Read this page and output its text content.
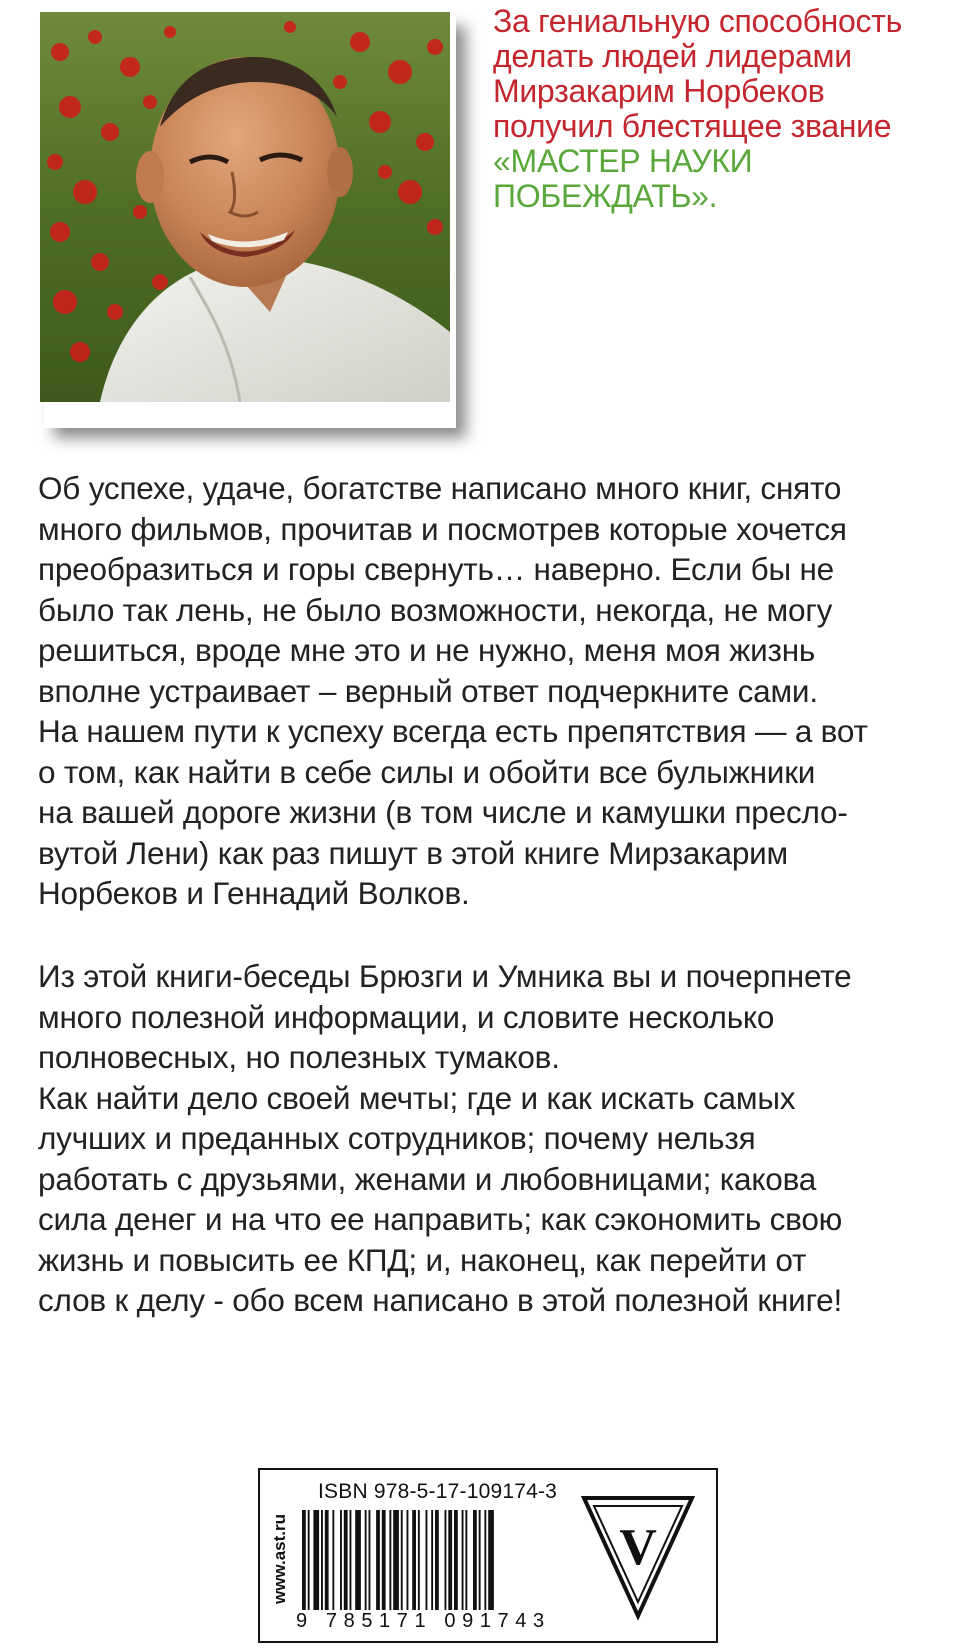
За гениальную способность
делать людей лидерами
Мирзакарим Норбеков
получил блестящее звание
«МАСТЕР НАУКИ ПОБЕЖДАТЬ».
Об успехе, удаче, богатстве написано много книг, снято
много фильмов, прочитав и посмотрев которые хочется
преобразиться и горы свернуть… наверно. Если бы не
было так лень, не было возможности, некогда, не могу
решиться, вроде мне это и не нужно, меня моя жизнь
вполне устраивает – верный ответ подчеркните сами.
На нашем пути к успеху всегда есть препятствия — а вот
о том, как найти в себе силы и обойти все булыжники
на вашей дороге жизни (в том числе и камушки пресло-
вутой Лени) как раз пишут в этой книге Мирзакарим
Норбеков и Геннадий Волков.
Из этой книги-беседы Брюзги и Умника вы и почерпнете
много полезной информации, и словите несколько
полновесных, но полезных тумаков.
Как найти дело своей мечты; где и как искать самых
лучших и преданных сотрудников; почему нельзя
работать с друзьями, женами и любовницами; какова
сила денег и на что ее направить; как сэкономить свою
жизнь и повысить ее КПД; и, наконец, как перейти от
слов к делу - обо всем написано в этой полезной книге!
www.ast.ru
ISBN 978-5-17-109174-3
9 785171 091743
V
